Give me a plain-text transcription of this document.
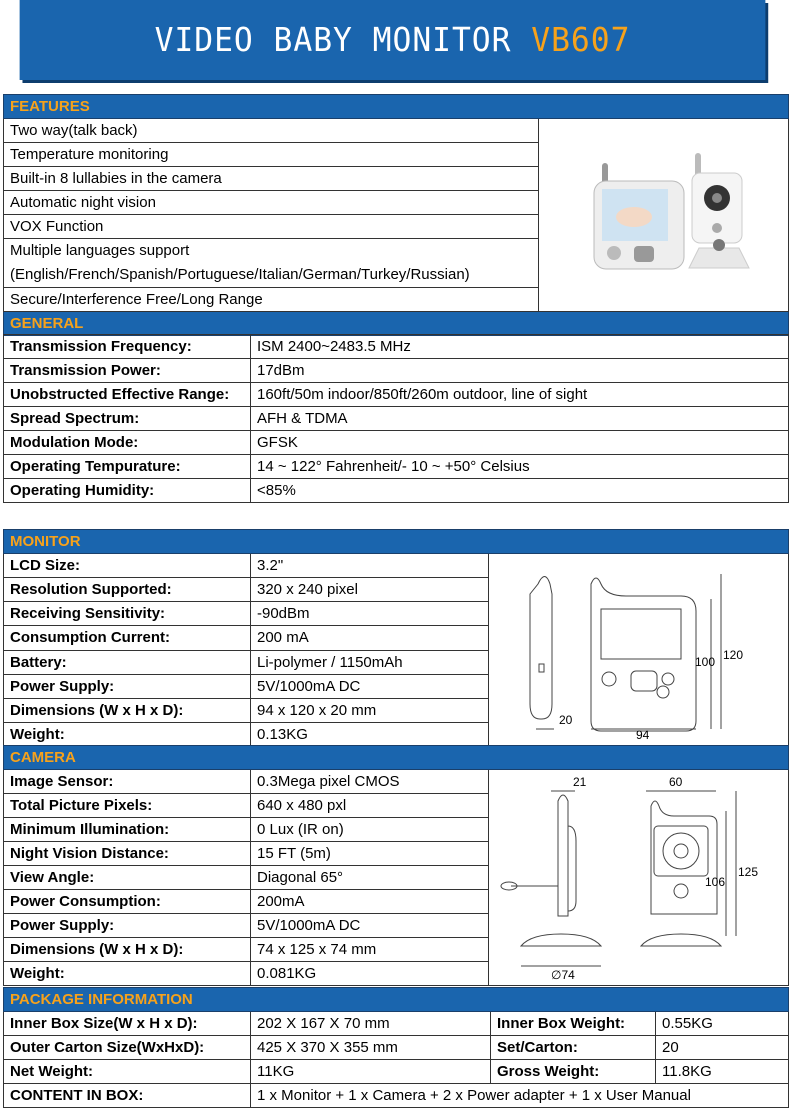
VIDEO BABY MONITOR VB607
FEATURES
Two way(talk back)	
Temperature monitoring
Built-in 8 lullabies in the camera
Automatic night vision
VOX Function

Multiple languages support
(English/French/Spanish/Portuguese/Italian/German/Turkey/Russian)

Secure/Interference Free/Long Range
GENERAL
Transmission Frequency:	ISM 2400~2483.5 MHz
Transmission Power:	17dBm
Unobstructed Effective Range:	160ft/50m indoor/850ft/260m outdoor, line of sight
Spread Spectrum:	AFH & TDMA
Modulation Mode:	GFSK
Operating Tempurature:	14 ~ 122° Fahrenheit/- 10 ~ +50° Celsius
Operating Humidity:	<85%
MONITOR		
LCD Size:	3.2"	20
94
100 120

Resolution Supported:	320 x 240 pixel	
Receiving Sensitivity:	-90dBm	
Consumption Current:	200 mA	
Battery:	Li-polymer / 1150mAh	
Power Supply:	5V/1000mA DC	
Dimensions (W x H x D):	94 x 120 x 20 mm	
Weight:	0.13KG	
CAMERA		
Image Sensor:	0.3Mega pixel CMOS	21
∅74
60
106
125

Total Picture Pixels:	640 x 480 pxl	
Minimum Illumination:	0 Lux (IR on)	
Night Vision Distance:	15 FT (5m)	
View Angle:	Diagonal 65°	
Power Consumption:	200mA	
Power Supply:	5V/1000mA DC	
Dimensions (W x H x D):	74 x 125 x 74 mm	
Weight:	0.081KG	
PACKAGE INFORMATION			
Inner Box Size(W x H x D):	202 X 167 X 70 mm	Inner Box Weight:	0.55KG
Outer Carton Size(WxHxD):	425 X 370 X 355 mm	Set/Carton:	20
Net Weight:	11KG	Gross Weight:	11.8KG
CONTENT IN BOX:	1 x Monitor + 1 x Camera + 2 x Power adapter + 1 x User Manual		
